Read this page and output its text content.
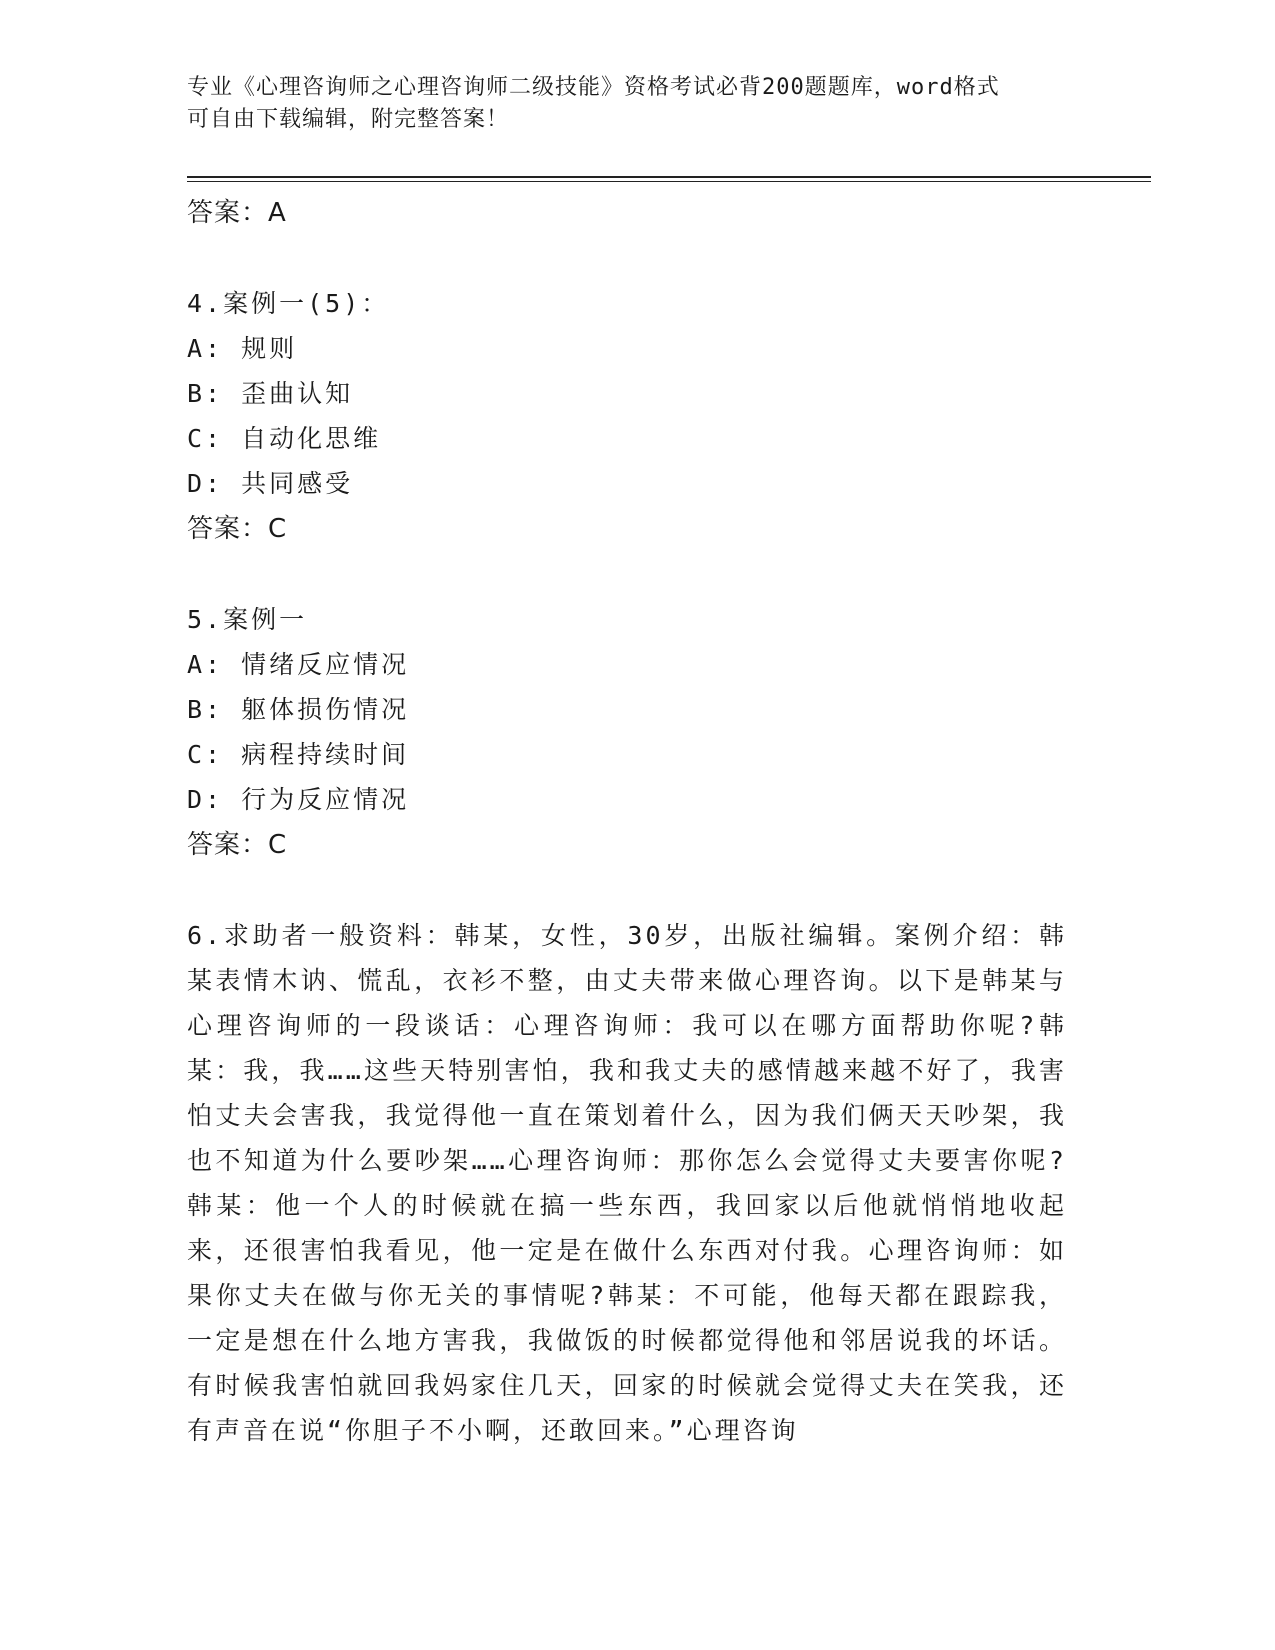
专业《心理咨询师之心理咨询师二级技能》资格考试必背200题题库，word格式
可自由下载编辑，附完整答案！
答案：A
4.案例一(5)：
A: 规则
B: 歪曲认知
C: 自动化思维
D: 共同感受
答案：C
5.案例一
A: 情绪反应情况
B: 躯体损伤情况
C: 病程持续时间
D: 行为反应情况
答案：C

6.求助者一般资料：韩某，女性，30岁，出版社编辑。案例介绍：韩某表情木讷、慌乱，衣衫不整，由丈夫带来做心理咨询。以下是韩某与心理咨询师的一段谈话：心理咨询师：我可以在哪方面帮助你呢?韩某：我，我……这些天特别害怕，我和我丈夫的感情越来越不好了，我害怕丈夫会害我，我觉得他一直在策划着什么，因为我们俩天天吵架，我也不知道为什么要吵架……心理咨询师：那你怎么会觉得丈夫要害你呢?韩某：他一个人的时候就在搞一些东西，我回家以后他就悄悄地收起来，还很害怕我看见，他一定是在做什么东西对付我。心理咨询师：如果你丈夫在做与你无关的事情呢?韩某：不可能，他每天都在跟踪我，一定是想在什么地方害我，我做饭的时候都觉得他和邻居说我的坏话。有时候我害怕就回我妈家住几天，回家的时候就会觉得丈夫在笑我，还有声音在说“你胆子不小啊，还敢回来。”心理咨询
